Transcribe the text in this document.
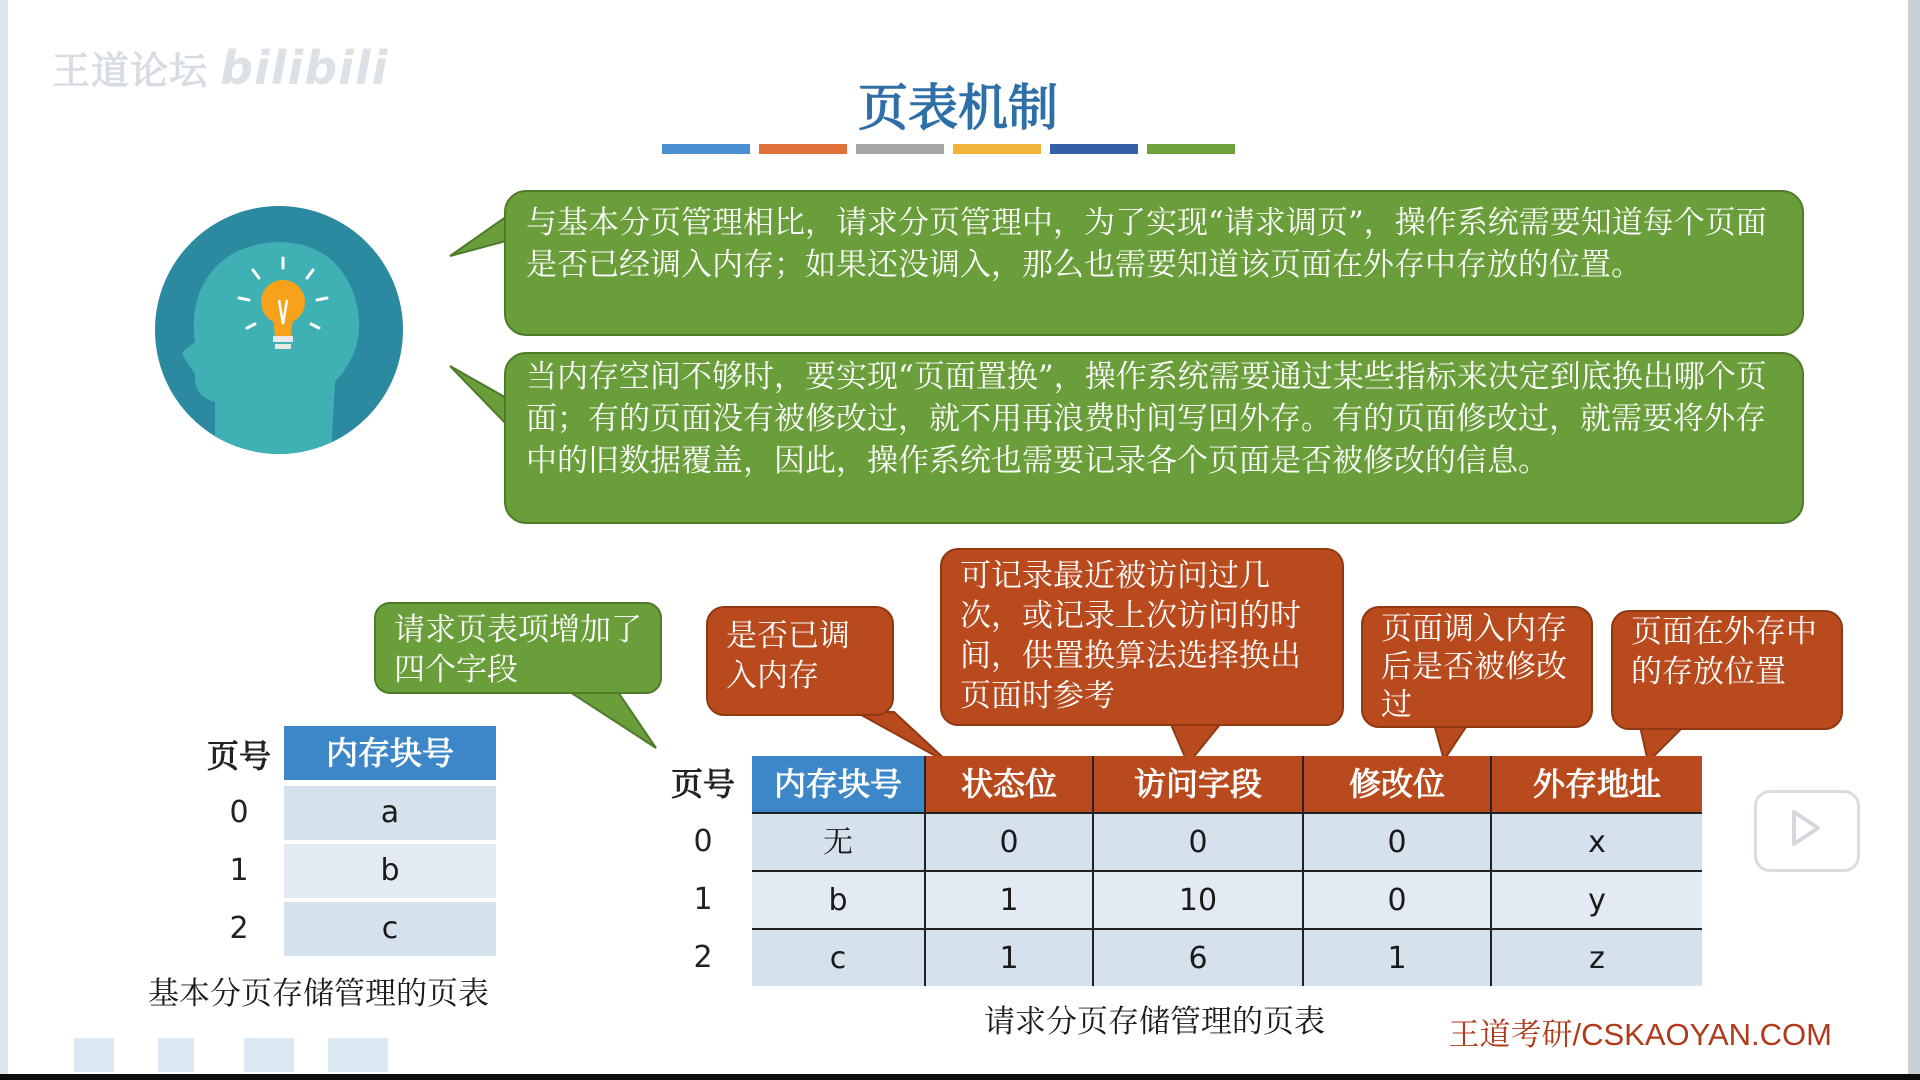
王道论坛 bilibili
页表机制
与基本分页管理相比，请求分页管理中，为了实现“请求调页”，操作系统需要知道每个页面是否已经调入内存；如果还没调入，那么也需要知道该页面在外存中存放的位置。
当内存空间不够时，要实现“页面置换”，操作系统需要通过某些指标来决定到底换出哪个页面；有的页面没有被修改过，就不用再浪费时间写回外存。有的页面修改过，就需要将外存中的旧数据覆盖，因此，操作系统也需要记录各个页面是否被修改的信息。
请求页表项增加了四个字段
是否已调入内存
可记录最近被访问过几次，或记录上次访问的时间，供置换算法选择换出页面时参考
页面调入内存后是否被修改过
页面在外存中的存放位置
页号	内存块号
0	a
1	b
2	c
基本分页存储管理的页表
页号	内存块号	状态位	访问字段	修改位	外存地址
0	无	0	0	0	x
1	b	1	10	0	y
2	c	1	6	1	z
请求分页存储管理的页表	王道考研/CSKAOYAN.COM
